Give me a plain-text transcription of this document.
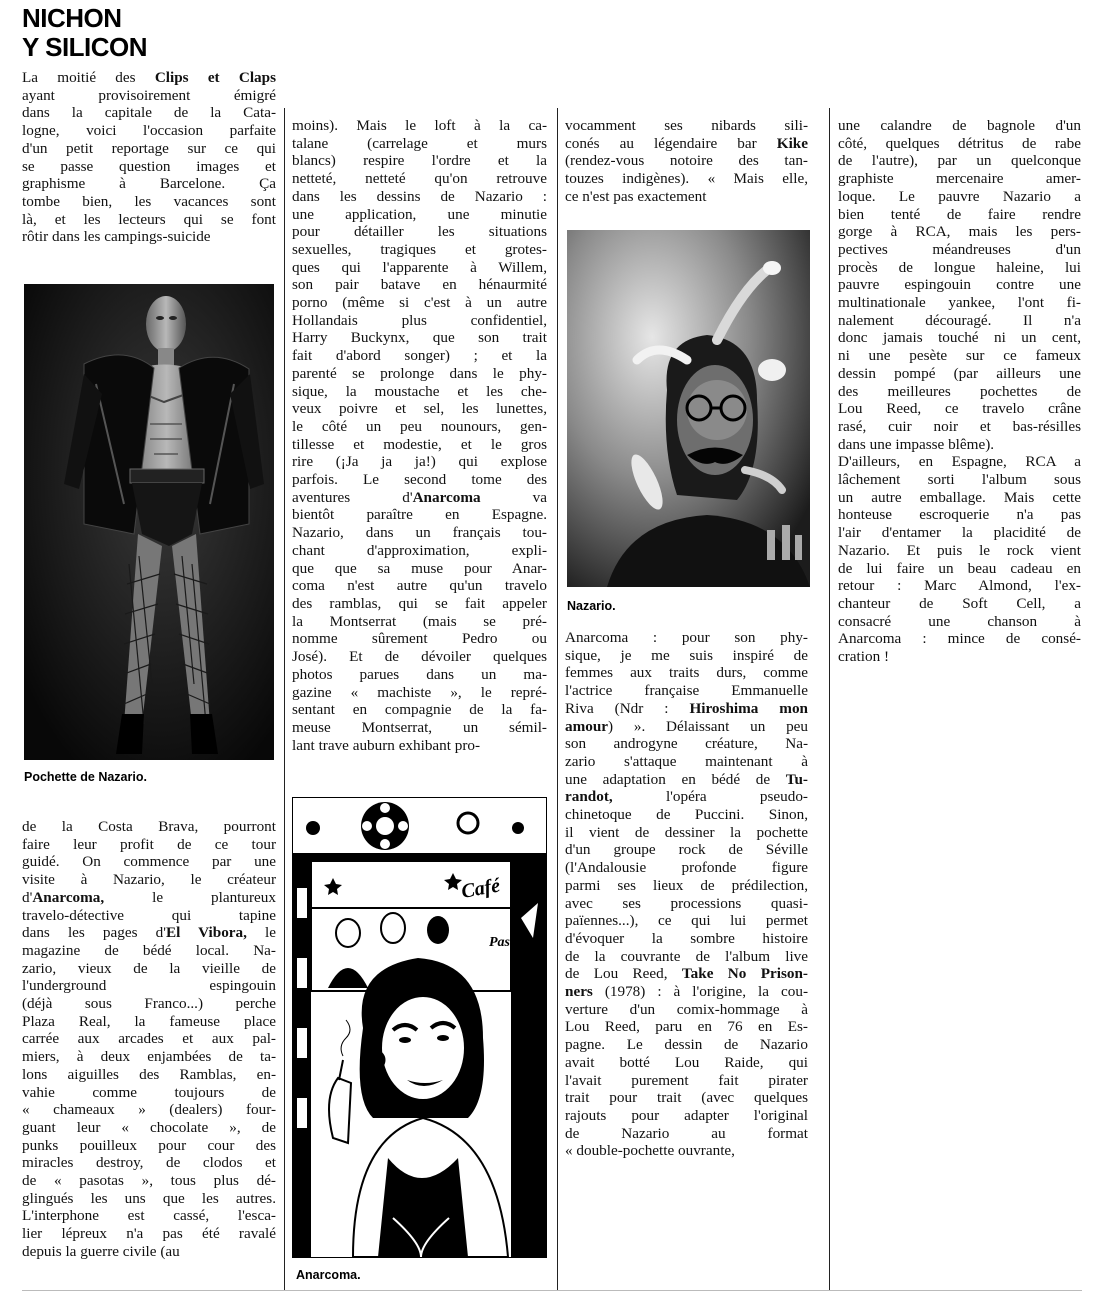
NICHON
Y SILICON
La moitié des Clips et Claps
ayant provisoirement émigré
dans la capitale de la Cata-
logne, voici l'occasion parfaite
d'un petit reportage sur ce qui
se passe question images et
graphisme à Barcelone. Ça
tombe bien, les vacances sont
là, et les lecteurs qui se font
rôtir dans les campings-suicide
Pochette de Nazario.
de la Costa Brava, pourront
faire leur profit de ce tour
guidé. On commence par une
visite à Nazario, le créateur
d'Anarcoma, le plantureux
travelo-détective qui tapine
dans les pages d'El Vibora, le
magazine de bédé local. Na-
zario, vieux de la vieille de
l'underground espingouin
(déjà sous Franco...) perche
Plaza Real, la fameuse place
carrée aux arcades et aux pal-
miers, à deux enjambées de ta-
lons aiguilles des Ramblas, en-
vahie comme toujours de
« chameaux » (dealers) four-
guant leur « chocolate », de
punks pouilleux pour cour des
miracles destroy, de clodos et
de « pasotas », tous plus dé-
glingués les uns que les autres.
L'interphone est cassé, l'esca-
lier lépreux n'a pas été ravalé
depuis la guerre civile (au
moins). Mais le loft à la ca-
talane (carrelage et murs
blancs) respire l'ordre et la
netteté, netteté qu'on retrouve
dans les dessins de Nazario :
une application, une minutie
pour détailler les situations
sexuelles, tragiques et grotes-
ques qui l'apparente à Willem,
son pair batave en hénaurmité
porno (même si c'est à un autre
Hollandais plus confidentiel,
Harry Buckynx, que son trait
fait d'abord songer) ; et la
parenté se prolonge dans le phy-
sique, la moustache et les che-
veux poivre et sel, les lunettes,
le côté un peu nounours, gen-
tillesse et modestie, et le gros
rire (¡Ja ja ja!) qui explose
parfois. Le second tome des
aventures d'Anarcoma va
bientôt paraître en Espagne.
Nazario, dans un français tou-
chant d'approximation, expli-
que que sa muse pour Anar-
coma n'est autre qu'un travelo
des ramblas, qui se fait appeler
la Montserrat (mais se pré-
nomme sûrement Pedro ou
José). Et de dévoiler quelques
photos parues dans un ma-
gazine « machiste », le repré-
sentant en compagnie de la fa-
meuse Montserrat, un sémil-
lant trave auburn exhibant pro-
Café
Pasti
Nazario
Anarcoma.
vocamment ses nibards sili-
conés au légendaire bar Kike
(rendez-vous notoire des tan-
touzes indigènes). « Mais elle,
ce n'est pas exactement
Nazario.
Anarcoma : pour son phy-
sique, je me suis inspiré de
femmes aux traits durs, comme
l'actrice française Emmanuelle
Riva (Ndr : Hiroshima mon
amour) ». Délaissant un peu
son androgyne créature, Na-
zario s'attaque maintenant à
une adaptation en bédé de Tu-
randot, l'opéra pseudo-
chinetoque de Puccini. Sinon,
il vient de dessiner la pochette
d'un groupe rock de Séville
(l'Andalousie profonde figure
parmi ses lieux de prédilection,
avec ses processions quasi-
païennes...), ce qui lui permet
d'évoquer la sombre histoire
de la couvrante de l'album live
de Lou Reed, Take No Prison-
ners (1978) : à l'origine, la cou-
verture d'un comix-hommage à
Lou Reed, paru en 76 en Es-
pagne. Le dessin de Nazario
avait botté Lou Raide, qui
l'avait purement fait pirater
trait pour trait (avec quelques
rajouts pour adapter l'original
de Nazario au format
« double-pochette ouvrante,
une calandre de bagnole d'un
côté, quelques détritus de rabe
de l'autre), par un quelconque
graphiste mercenaire amer-
loque. Le pauvre Nazario a
bien tenté de faire rendre
gorge à RCA, mais les pers-
pectives méandreuses d'un
procès de longue haleine, lui
pauvre espingouin contre une
multinationale yankee, l'ont fi-
nalement découragé. Il n'a
donc jamais touché ni un cent,
ni une pesète sur ce fameux
dessin pompé (par ailleurs une
des meilleures pochettes de
Lou Reed, ce travelo crâne
rasé, cuir noir et bas-résilles
dans une impasse blême).
D'ailleurs, en Espagne, RCA a
lâchement sorti l'album sous
un autre emballage. Mais cette
honteuse escroquerie n'a pas
l'air d'entamer la placidité de
Nazario. Et puis le rock vient
de lui faire un beau cadeau en
retour : Marc Almond, l'ex-
chanteur de Soft Cell, a
consacré une chanson à
Anarcoma : mince de consé-
cration !
